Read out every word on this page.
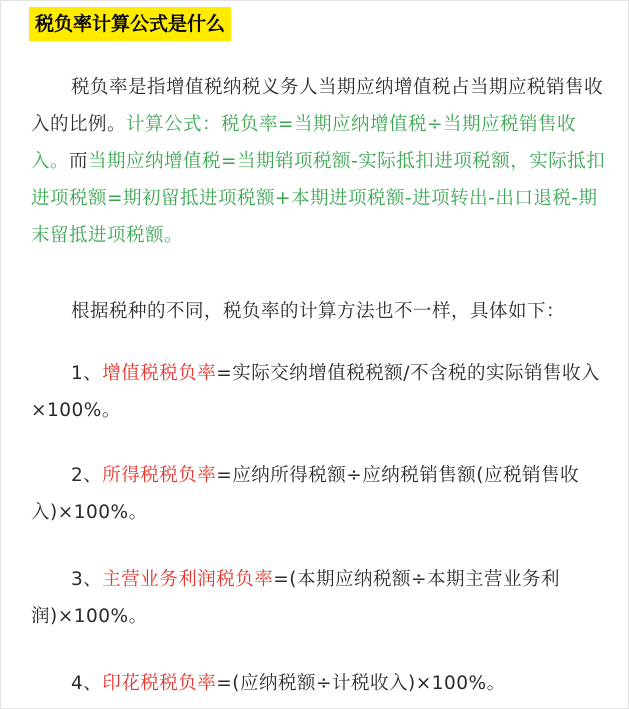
税负率计算公式是什么
税负率是指增值税纳税义务人当期应纳增值税占当期应税销售收入的比例。计算公式：税负率=当期应纳增值税÷当期应税销售收入。而当期应纳增值税=当期销项税额-实际抵扣进项税额，实际抵扣进项税额=期初留抵进项税额+本期进项税额-进项转出-出口退税-期末留抵进项税额。
根据税种的不同，税负率的计算方法也不一样，具体如下：
1、增值税税负率=实际交纳增值税税额/不含税的实际销售收入×100%。
2、所得税税负率=应纳所得税额÷应纳税销售额(应税销售收入)×100%。
3、主营业务利润税负率=(本期应纳税额÷本期主营业务利润)×100%。
4、印花税税负率=(应纳税额÷计税收入)×100%。
